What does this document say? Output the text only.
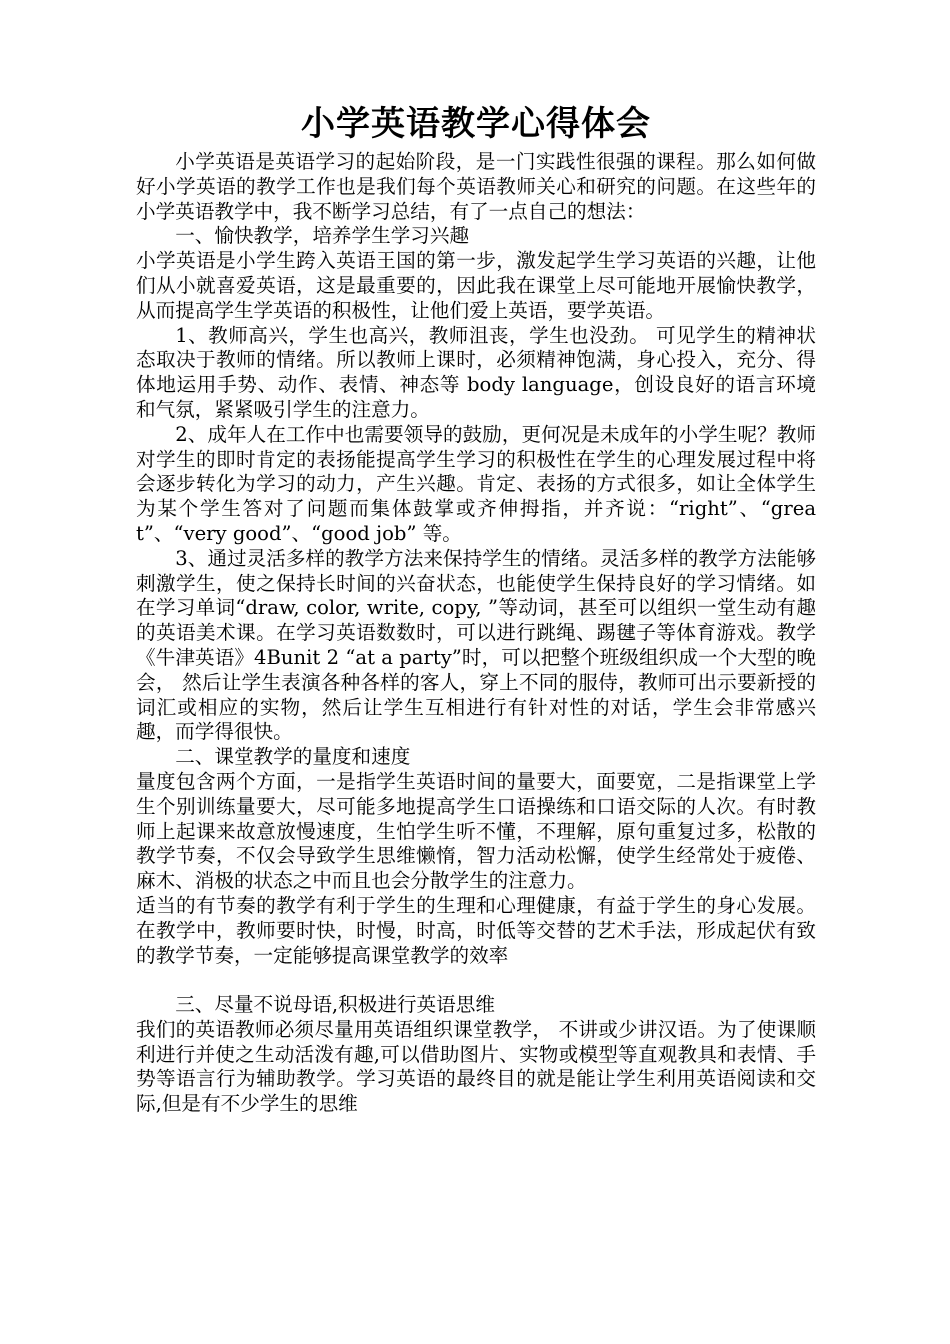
小学英语教学心得体会

小学英语是英语学习的起始阶段，是一门实践性很强的课程。那么如何做好小学英语的教学工作也是我们每个英语教师关心和研究的问题。在这些年的小学英语教学中，我不断学习总结，有了一点自己的想法：

一、愉快教学，培养学生学习兴趣

小学英语是小学生跨入英语王国的第一步，激发起学生学习英语的兴趣，让他们从小就喜爱英语，这是最重要的，因此我在课堂上尽可能地开展愉快教学，从而提高学生学英语的积极性，让他们爱上英语，要学英语。

1、教师高兴，学生也高兴，教师沮丧，学生也没劲。 可见学生的精神状态取决于教师的情绪。所以教师上课时，必须精神饱满，身心投入，充分、得体地运用手势、动作、表情、神态等 body language，创设良好的语言环境和气氛，紧紧吸引学生的注意力。

2、成年人在工作中也需要领导的鼓励，更何况是未成年的小学生呢？教师对学生的即时肯定的表扬能提高学生学习的积极性在学生的心理发展过程中将会逐步转化为学习的动力，产生兴趣。肯定、表扬的方式很多，如让全体学生为某个学生答对了问题而集体鼓掌或齐伸拇指，并齐说：“right”、“great”、“very good”、“good job” 等。

3、通过灵活多样的教学方法来保持学生的情绪。灵活多样的教学方法能够刺激学生，使之保持长时间的兴奋状态，也能使学生保持良好的学习情绪。如在学习单词“draw, color, write, copy, ”等动词，甚至可以组织一堂生动有趣的英语美术课。在学习英语数数时，可以进行跳绳、踢毽子等体育游戏。教学《牛津英语》4Bunit 2 “at a party”时，可以把整个班级组织成一个大型的晚会， 然后让学生表演各种各样的客人，穿上不同的服侍，教师可出示要新授的词汇或相应的实物，然后让学生互相进行有针对性的对话，学生会非常感兴趣，而学得很快。

二、课堂教学的量度和速度

量度包含两个方面，一是指学生英语时间的量要大，面要宽，二是指课堂上学生个别训练量要大，尽可能多地提高学生口语操练和口语交际的人次。有时教师上起课来故意放慢速度，生怕学生听不懂，不理解，原句重复过多，松散的教学节奏，不仅会导致学生思维懒惰，智力活动松懈，使学生经常处于疲倦、麻木、消极的状态之中而且也会分散学生的注意力。

适当的有节奏的教学有利于学生的生理和心理健康，有益于学生的身心发展。在教学中，教师要时快，时慢，时高，时低等交替的艺术手法，形成起伏有致的教学节奏，一定能够提高课堂教学的效率

三、尽量不说母语,积极进行英语思维

我们的英语教师必须尽量用英语组织课堂教学， 不讲或少讲汉语。为了使课顺利进行并使之生动活泼有趣,可以借助图片、实物或模型等直观教具和表情、手势等语言行为辅助教学。学习英语的最终目的就是能让学生利用英语阅读和交际,但是有不少学生的思维
